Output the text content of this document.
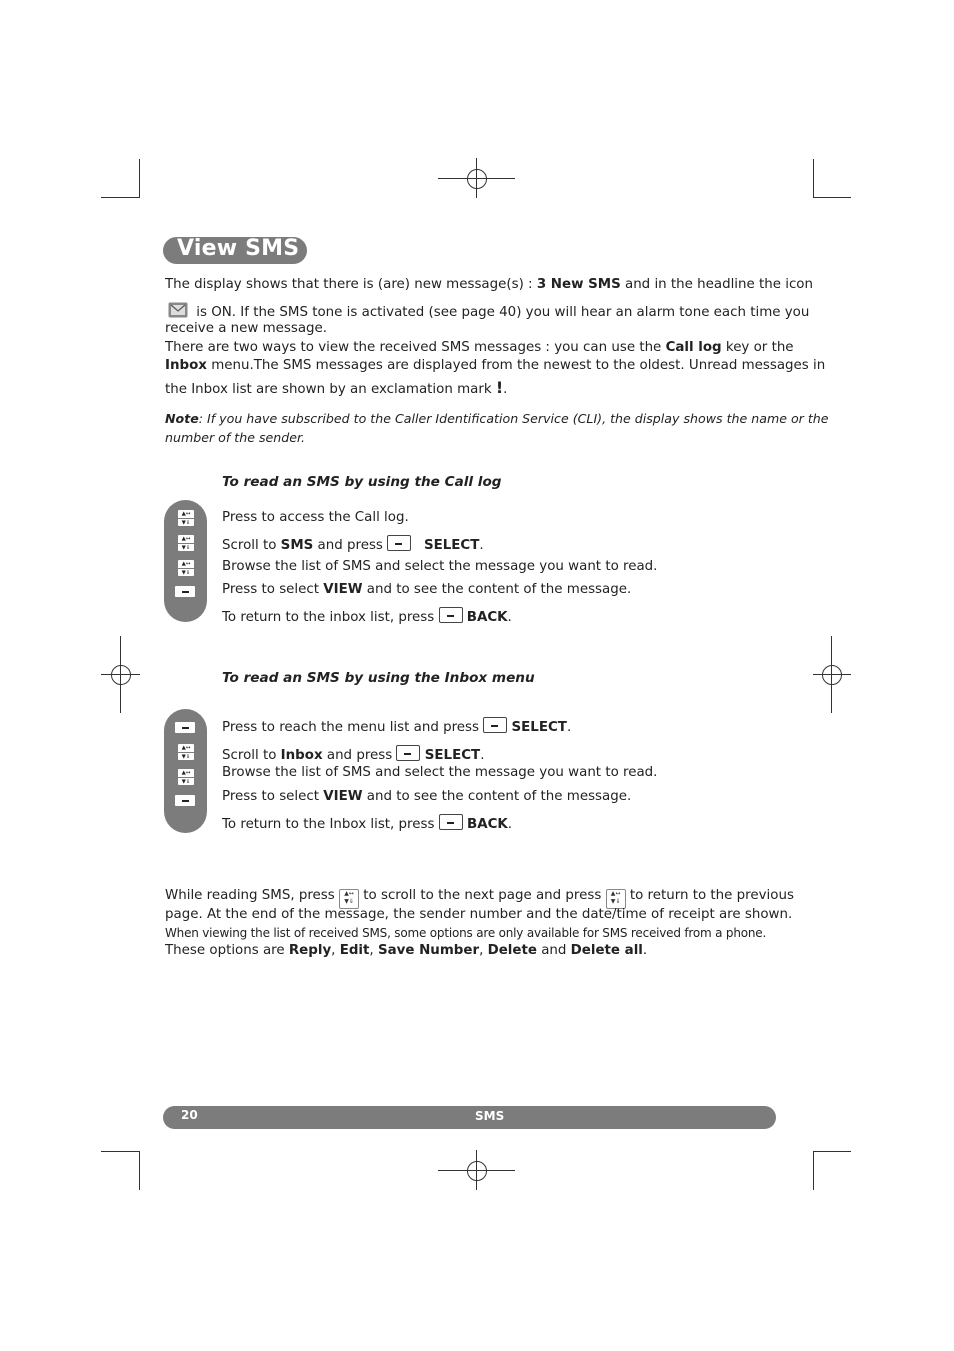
View SMS
The display shows that there is (are) new message(s) : 3 New SMS and in the headline the icon
is ON. If the SMS tone is activated (see page 40) you will hear an alarm tone each time you
receive a new message.
There are two ways to view the received SMS messages : you can use the Call log key or the
Inbox menu.The SMS messages are displayed from the newest to the oldest. Unread messages in
the Inbox list are shown by an exclamation mark !.
Note: If you have subscribed to the Caller Identification Service (CLI), the display shows the name or the
number of the sender.
To read an SMS by using the Call log
▲↔
▼⇓
▲↔
▼⇓
▲↔
▼⇓
Press to access the Call log.
Scroll to SMS and press	SELECT.
Browse the list of SMS and select the message you want to read.
Press to select VIEW and to see the content of the message.
To return to the inbox list, press  BACK.
To read an SMS by using the Inbox menu
▲↔
▼⇓
▲↔
▼⇓
Press to reach the menu list and press  SELECT.
Scroll to Inbox and press  SELECT.
Browse the list of SMS and select the message you want to read.
Press to select VIEW and to see the content of the message.
To return to the Inbox list, press  BACK.
While reading SMS, press ▲↔
▼⇓ to scroll to the next page and press ▲↔
▼⇓ to return to the previous
page. At the end of the message, the sender number and the date/time of receipt are shown.
When viewing the list of received SMS, some options are only available for SMS received from a phone.
These options are Reply, Edit, Save Number, Delete and Delete all.
20	SMS
